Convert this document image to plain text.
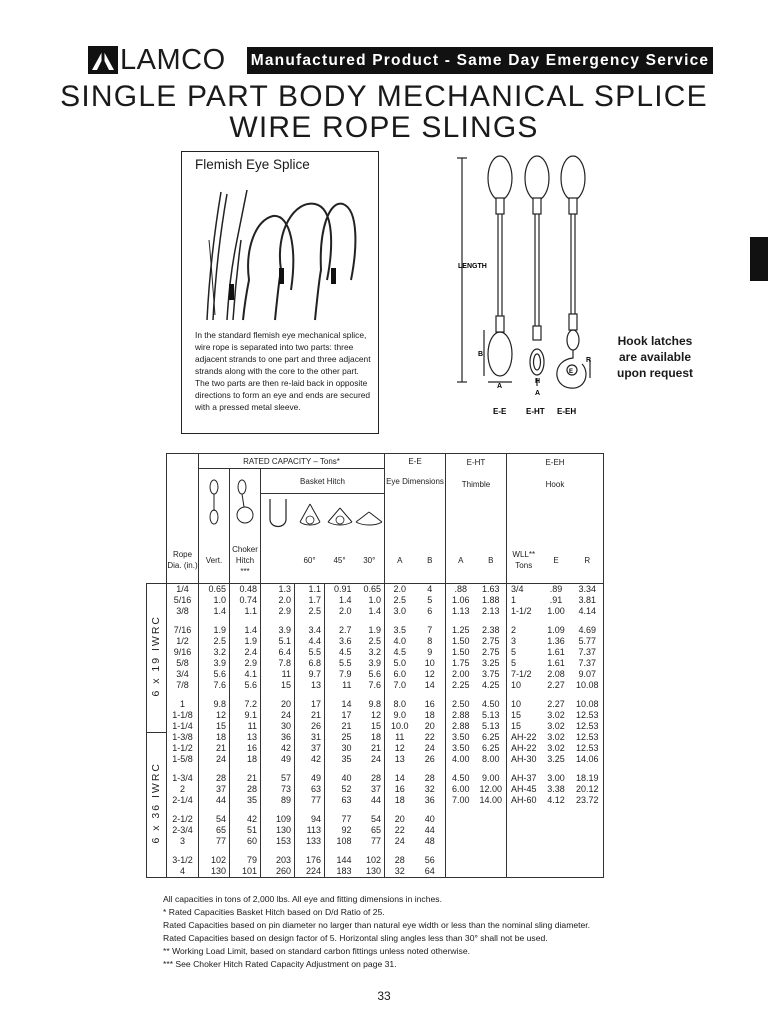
LAMCO Manufactured Product - Same Day Emergency Service
SINGLE PART BODY MECHANICAL SPLICE
WIRE ROPE SLINGS
Flemish Eye Splice
In the standard flemish eye mechanical splice, wire rope is separated into two parts: three adjacent strands to one part and three adjacent strands along with the core to the other part. The two parts are then re-laid back in opposite directions to form an eye and ends are secured with a pressed metal sleeve.
LENGTH
B
A
A
H
E
R
E-E E-HT E-EH
Hook latches are available upon request
		RATED CAPACITY – Tons*						E-E		E-HT

Thimble		E-EH

Hook		
		Basket Hitch				Eye Dimensions						

	Rope Dia. (in.)	Vert.	Choker Hitch
***		60°	45°	30°	A	B	A	B	WLL** Tons	E	R
6 x 19 IWRC	1/4	0.65	0.48	1.3	1.1	0.91	0.65	2.0	4	.88	1.63	3/4	.89	3.34
	5/16	1.0	0.74	2.0	1.7	1.4	1.0	2.5	5	1.06	1.88	1	.91	3.81
	3/8	1.4	1.1	2.9	2.5	2.0	1.4	3.0	6	1.13	2.13	1-1/2	1.00	4.14

	7/16	1.9	1.4	3.9	3.4	2.7	1.9	3.5	7	1.25	2.38	2	1.09	4.69
	1/2	2.5	1.9	5.1	4.4	3.6	2.5	4.0	8	1.50	2.75	3	1.36	5.77
	9/16	3.2	2.4	6.4	5.5	4.5	3.2	4.5	9	1.50	2.75	5	1.61	7.37
	5/8	3.9	2.9	7.8	6.8	5.5	3.9	5.0	10	1.75	3.25	5	1.61	7.37
	3/4	5.6	4.1	11	9.7	7.9	5.6	6.0	12	2.00	3.75	7-1/2	2.08	9.07
	7/8	7.6	5.6	15	13	11	7.6	7.0	14	2.25	4.25	10	2.27	10.08

	1	9.8	7.2	20	17	14	9.8	8.0	16	2.50	4.50	10	2.27	10.08
	1-1/8	12	9.1	24	21	17	12	9.0	18	2.88	5.13	15	3.02	12.53
	1-1/4	15	11	30	26	21	15	10.0	20	2.88	5.13	15	3.02	12.53
6 x 36 IWRC	1-3/8	18	13	36	31	25	18	11	22	3.50	6.25	AH-22	3.02	12.53
	1-1/2	21	16	42	37	30	21	12	24	3.50	6.25	AH-22	3.02	12.53
	1-5/8	24	18	49	42	35	24	13	26	4.00	8.00	AH-30	3.25	14.06

	1-3/4	28	21	57	49	40	28	14	28	4.50	9.00	AH-37	3.00	18.19
	2	37	28	73	63	52	37	16	32	6.00	12.00	AH-45	3.38	20.12
	2-1/4	44	35	89	77	63	44	18	36	7.00	14.00	AH-60	4.12	23.72

	2-1/2	54	42	109	94	77	54	20	40					
	2-3/4	65	51	130	113	92	65	22	44					
	3	77	60	153	133	108	77	24	48					

	3-1/2	102	79	203	176	144	102	28	56					
	4	130	101	260	224	183	130	32	64					
All capacities in tons of 2,000 lbs. All eye and fitting dimensions in inches.
* Rated Capacities Basket Hitch based on D/d Ratio of 25.
Rated Capacities based on pin diameter no larger than natural eye width or less than the nominal sling diameter.
Rated Capacities based on design factor of 5. Horizontal sling angles less than 30° shall not be used.
** Working Load Limit, based on standard carbon fittings unless noted otherwise.
*** See Choker Hitch Rated Capacity Adjustment on page 31.
33
